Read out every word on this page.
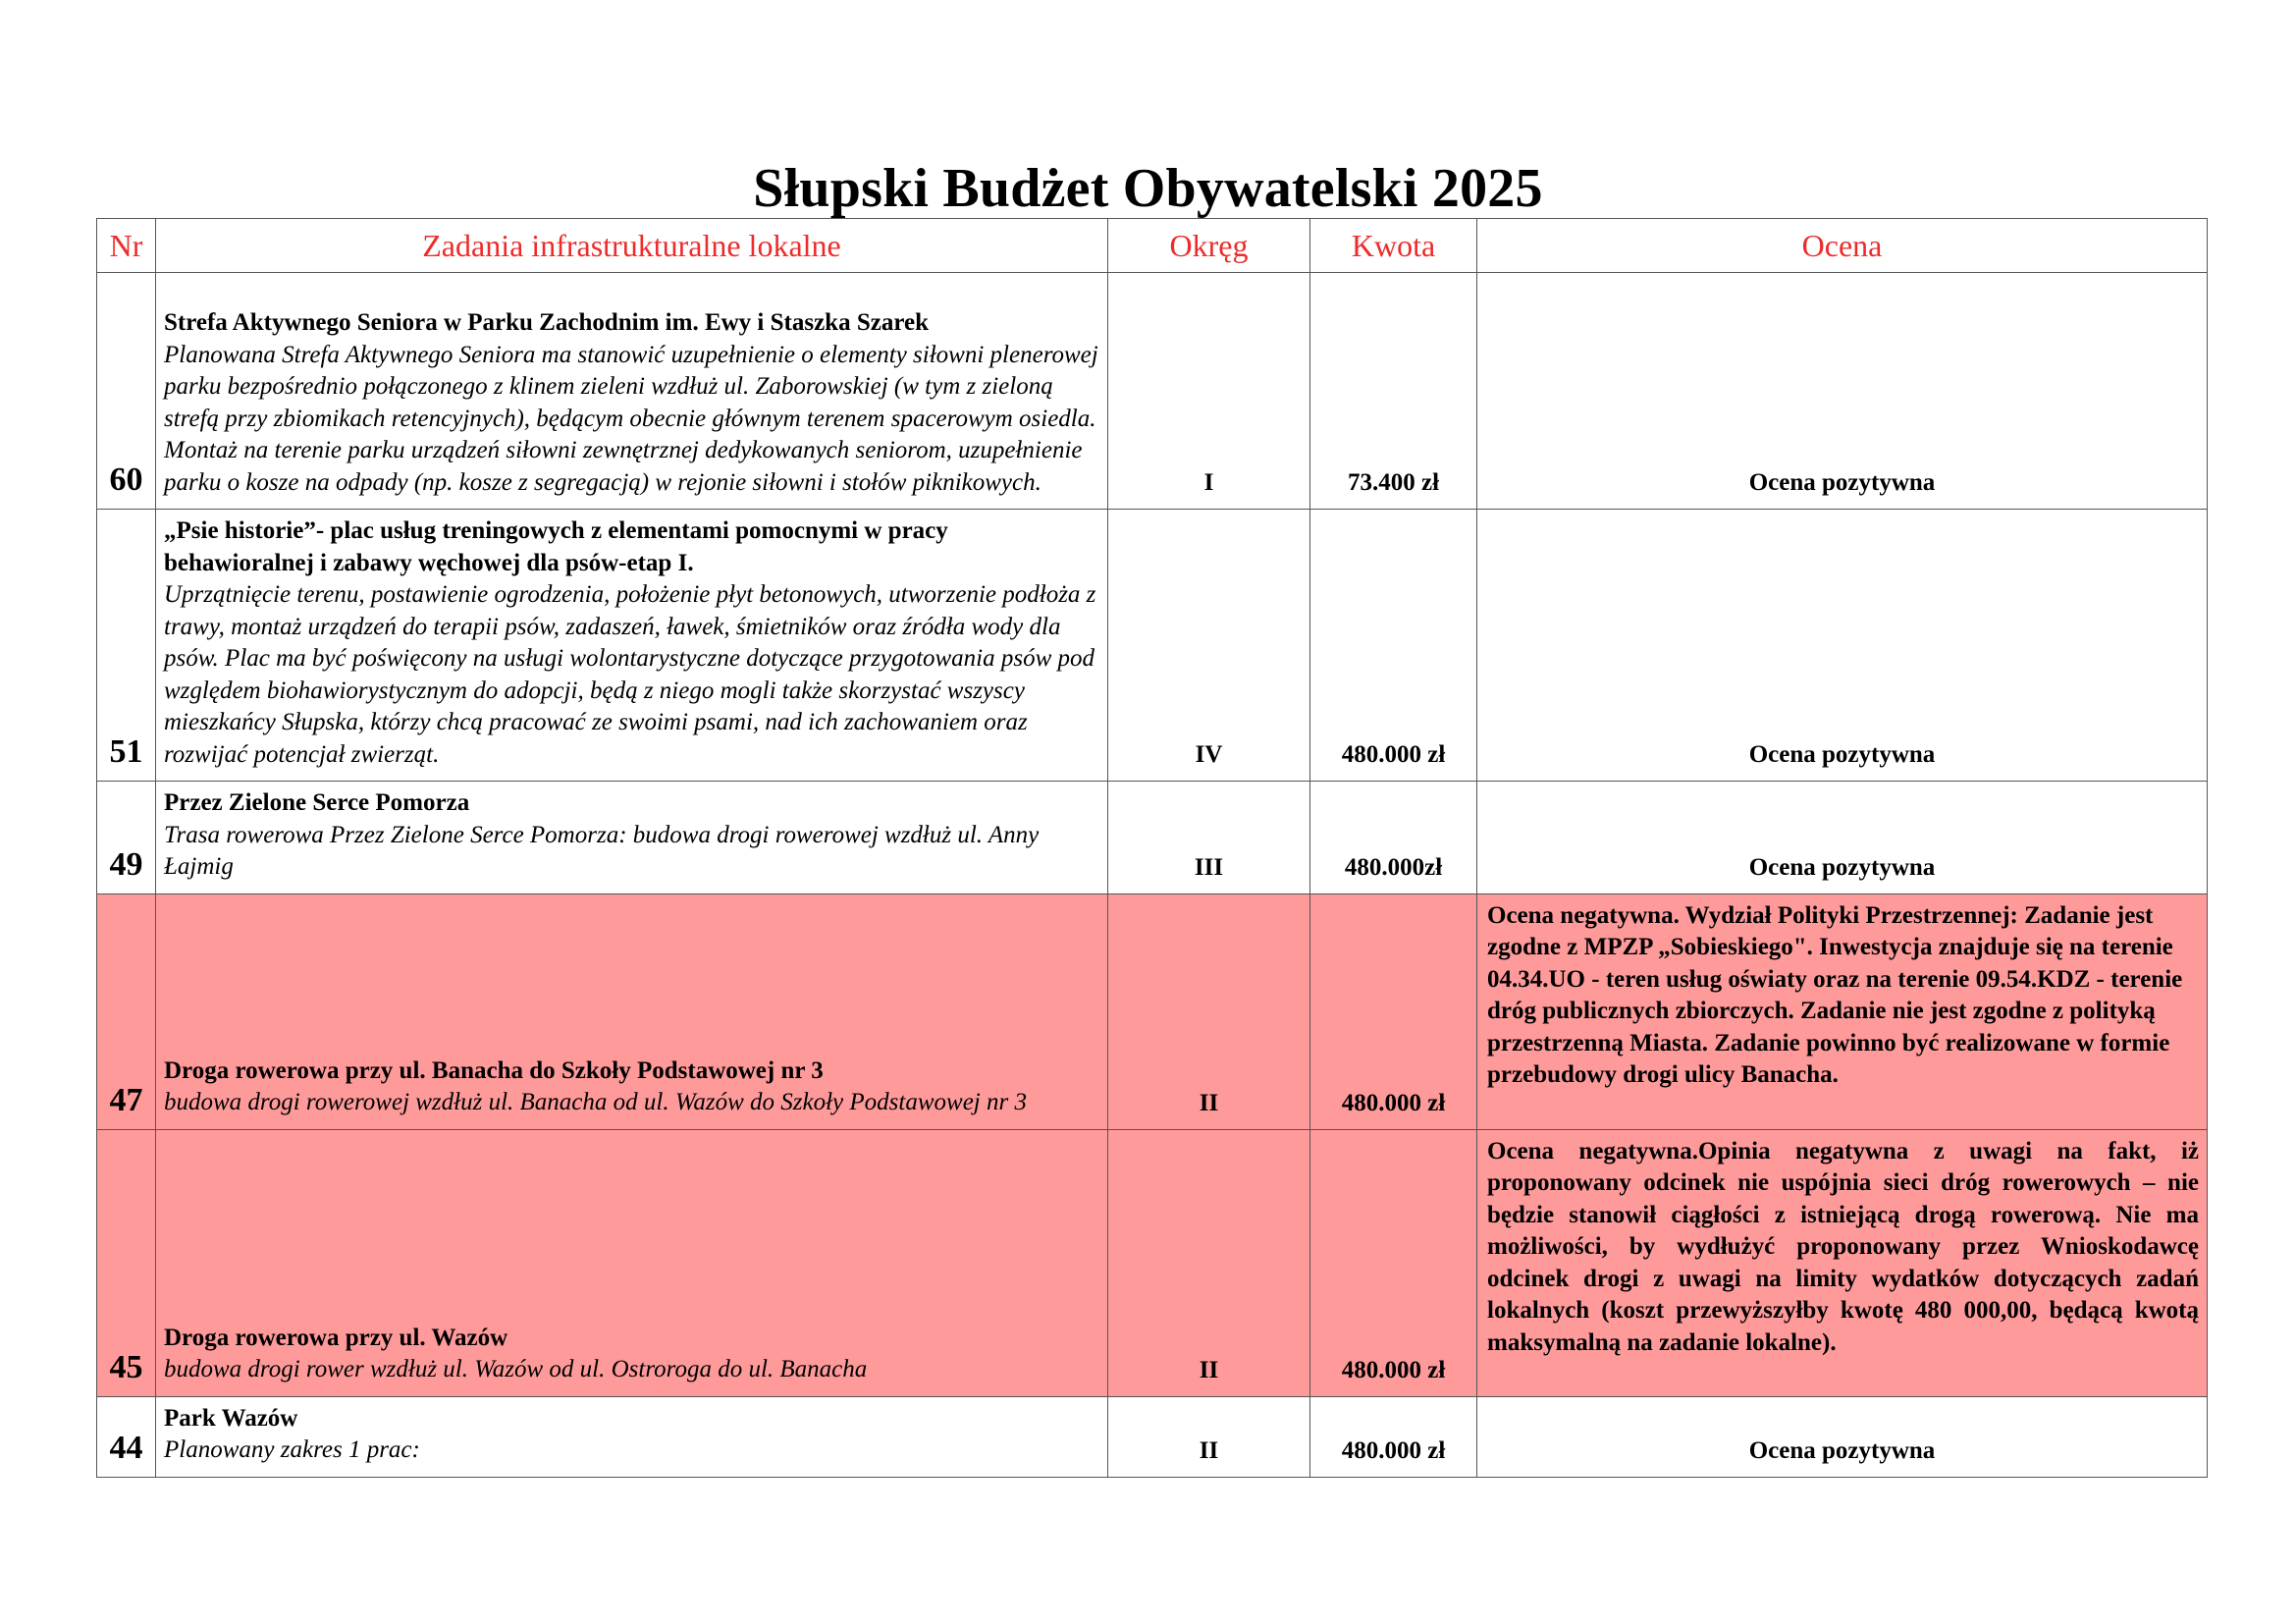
Słupski Budżet Obywatelski 2025
Nr	Zadania infrastrukturalne lokalne	Okręg	Kwota	Ocena
60	Strefa Aktywnego Seniora w Parku Zachodnim im. Ewy i Staszka Szarek
Planowana Strefa Aktywnego Seniora ma stanowić uzupełnienie o elementy siłowni plenerowej parku bezpośrednio połączonego z klinem zieleni wzdłuż ul. Zaborowskiej (w tym z zieloną strefą przy zbiomikach retencyjnych), będącym obecnie głównym terenem spacerowym osiedla. Montaż na terenie parku urządzeń siłowni zewnętrznej dedykowanych seniorom, uzupełnienie parku o kosze na odpady (np. kosze z segregacją) w rejonie siłowni i stołów piknikowych.	I	73.400 zł	Ocena pozytywna
51	„Psie historie”- plac usług treningowych z elementami pomocnymi w pracy behawioralnej i zabawy węchowej dla psów-etap I.
Uprzątnięcie terenu, postawienie ogrodzenia, położenie płyt betonowych, utworzenie podłoża z trawy, montaż urządzeń do terapii psów, zadaszeń, ławek, śmietników oraz źródła wody dla psów. Plac ma być poświęcony na usługi wolontarystyczne dotyczące przygotowania psów pod względem biohawiorystycznym do adopcji, będą z niego mogli także skorzystać wszyscy mieszkańcy Słupska, którzy chcą pracować ze swoimi psami, nad ich zachowaniem oraz rozwijać potencjał zwierząt.	IV	480.000 zł	Ocena pozytywna
49	Przez Zielone Serce Pomorza
Trasa rowerowa Przez Zielone Serce Pomorza: budowa drogi rowerowej wzdłuż ul. Anny Łajmig	III	480.000zł	Ocena pozytywna
47	Droga rowerowa przy ul. Banacha do Szkoły Podstawowej nr 3
budowa drogi rowerowej wzdłuż ul. Banacha od ul. Wazów do Szkoły Podstawowej nr 3	II	480.000 zł	Ocena negatywna. Wydział Polityki Przestrzennej: Zadanie jest zgodne z MPZP „Sobieskiego". Inwestycja znajduje się na terenie 04.34.UO - teren usług oświaty oraz na terenie 09.54.KDZ - terenie dróg publicznych zbiorczych. Zadanie nie jest zgodne z polityką przestrzenną Miasta. Zadanie powinno być realizowane w formie przebudowy drogi ulicy Banacha.
45	Droga rowerowa przy ul. Wazów
budowa drogi rower wzdłuż ul. Wazów od ul. Ostroroga do ul. Banacha	II	480.000 zł	Ocena negatywna.Opinia negatywna z uwagi na fakt, iż proponowany odcinek nie uspójnia sieci dróg rowerowych – nie będzie stanowił ciągłości z istniejącą drogą rowerową. Nie ma możliwości, by wydłużyć proponowany przez Wnioskodawcę odcinek drogi z uwagi na limity wydatków dotyczących zadań lokalnych (koszt przewyższyłby kwotę 480 000,00, będącą kwotą maksymalną na zadanie lokalne).
44	Park Wazów
Planowany zakres 1 prac:	II	480.000 zł	Ocena pozytywna
